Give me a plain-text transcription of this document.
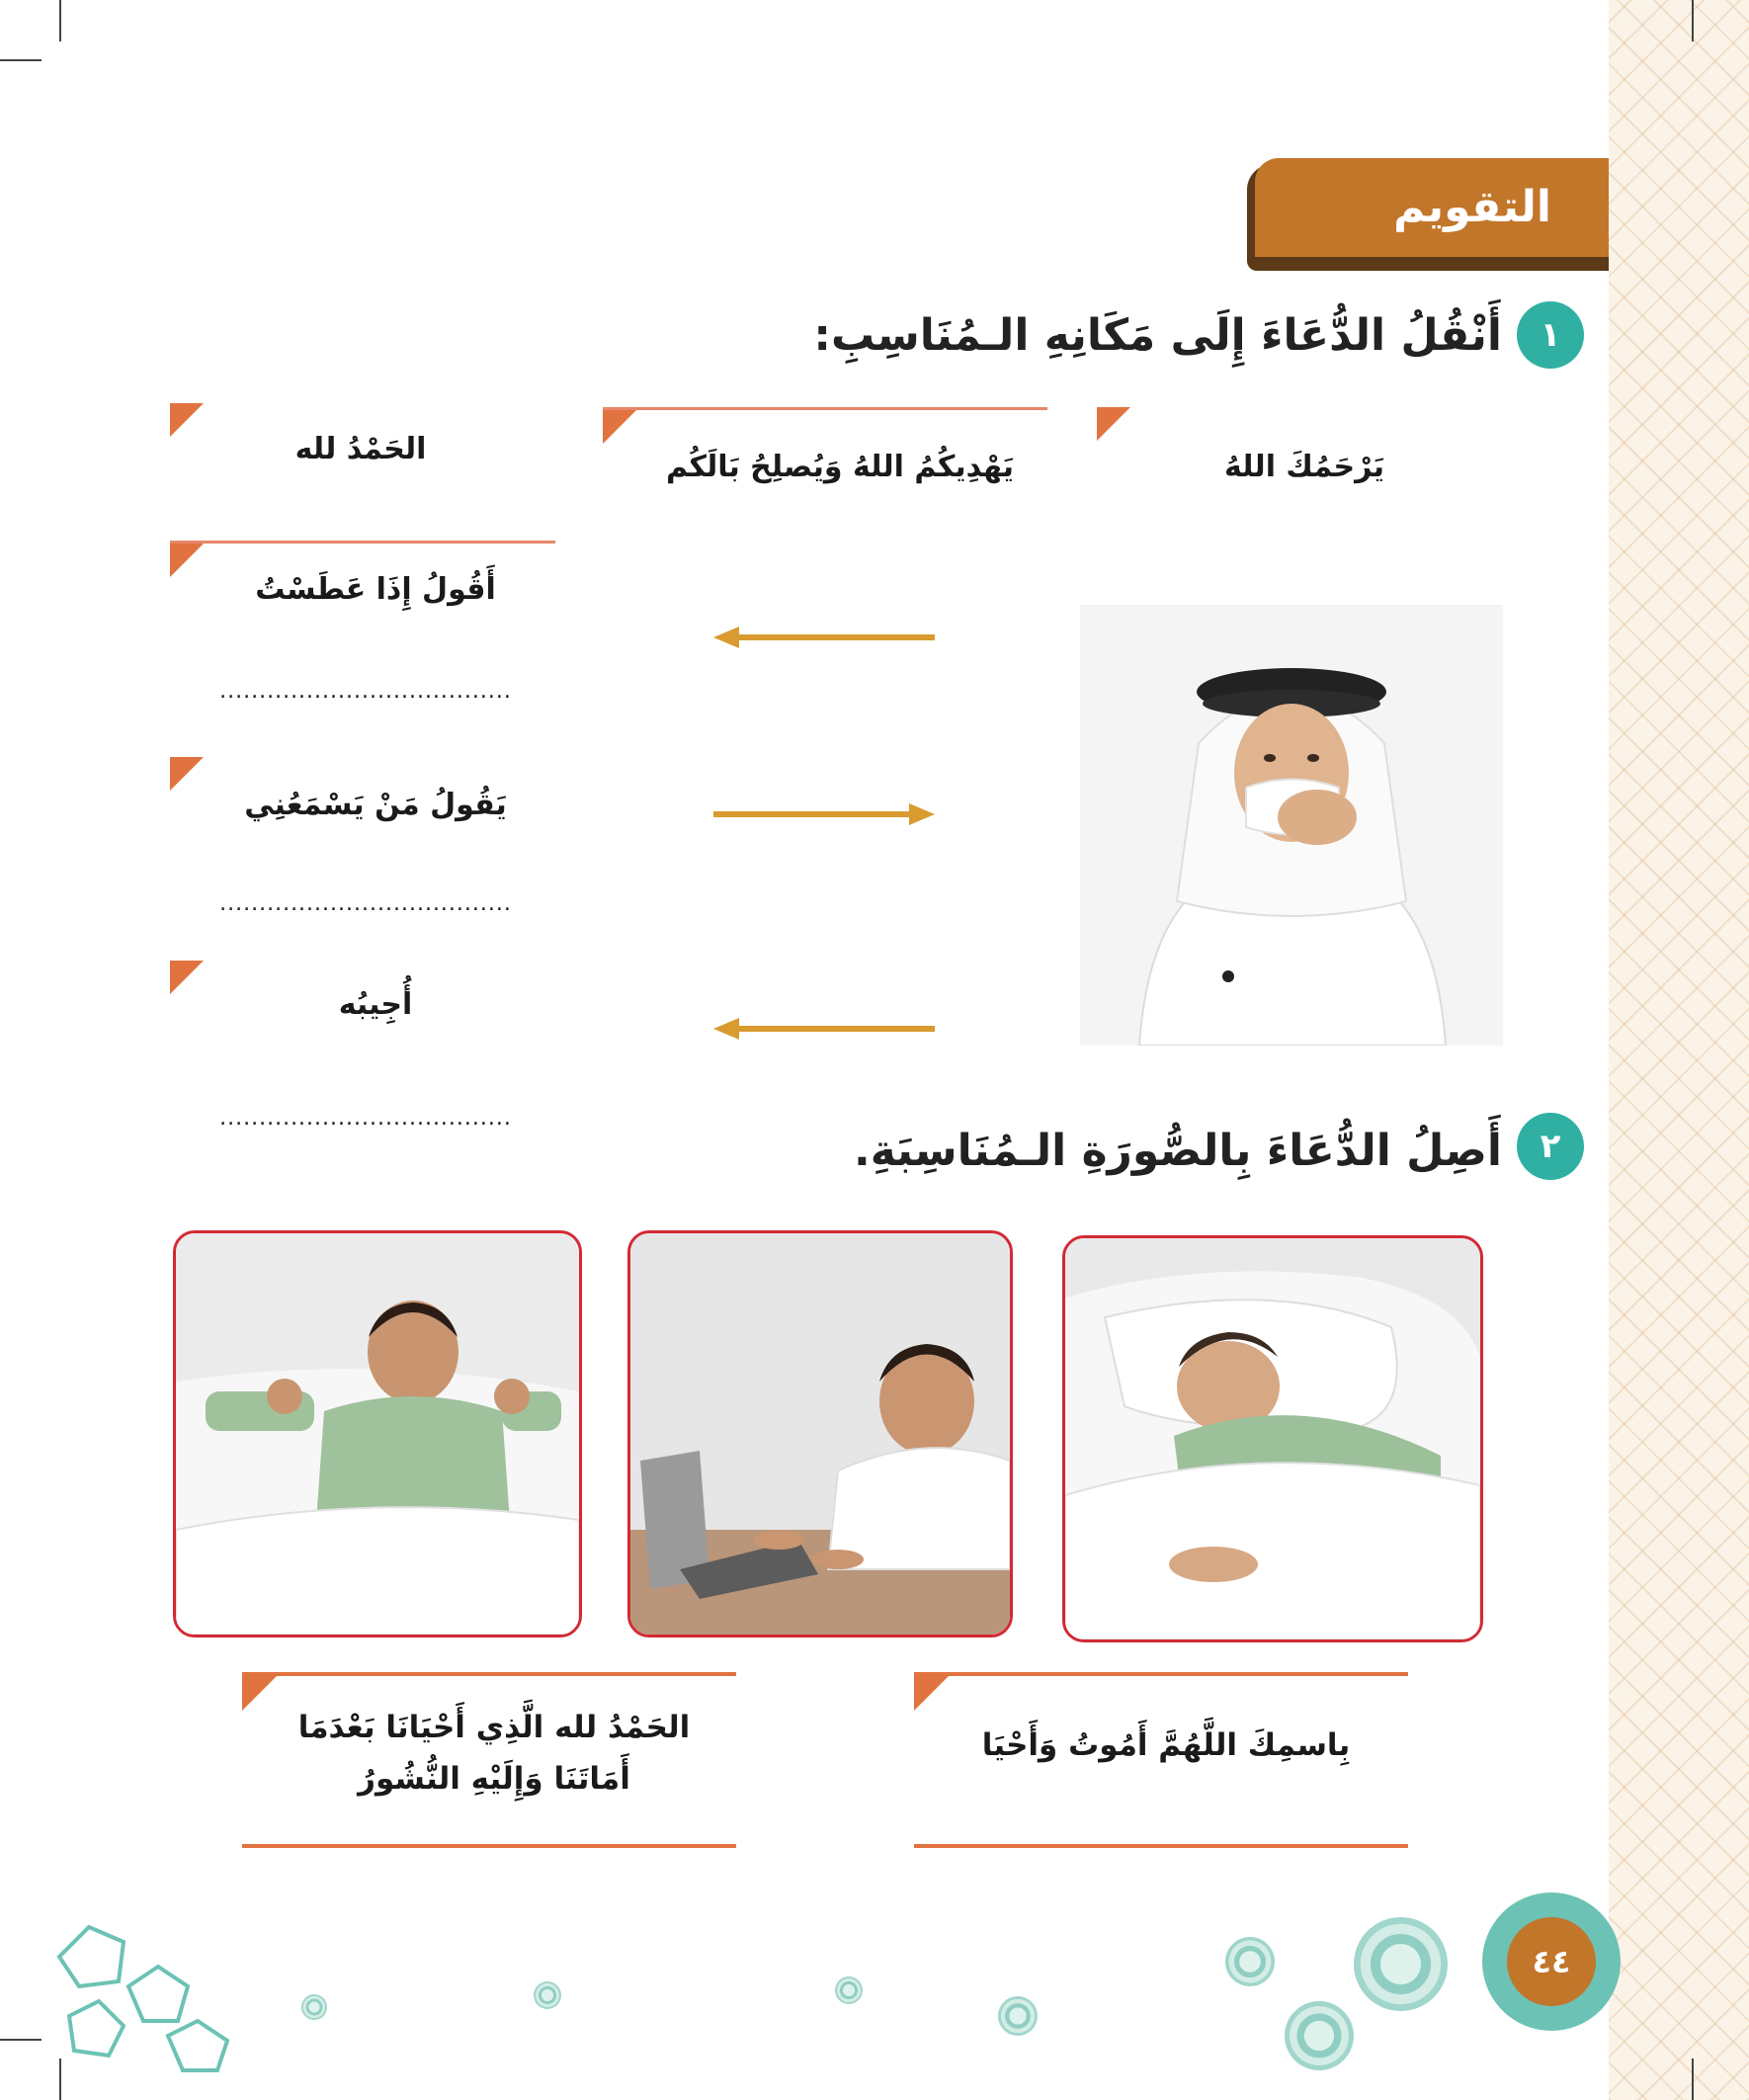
التقويم
١
أَنْقُلُ الدُّعَاءَ إِلَى مَكَانِهِ الـمُنَاسِبِ:
يَرْحَمُكَ اللهُ
يَهْدِيكُمُ اللهُ وَيُصلِحُ بَالَكُم
الحَمْدُ لله
أَقُولُ إِذَا عَطَسْتُ
.....................................
يَقُولُ مَنْ يَسْمَعُنِي
.....................................
أُجِيبُه
.....................................
٢
أَصِلُ الدُّعَاءَ بِالصُّورَةِ الـمُنَاسِبَةِ.
بِاسمِكَ اللَّهُمَّ أَمُوتُ وَأَحْيَا
الحَمْدُ لله الَّذِي أَحْيَانَا بَعْدَمَا أَمَاتَنَا وَإِلَيْهِ النُّشُورُ
٤٤
